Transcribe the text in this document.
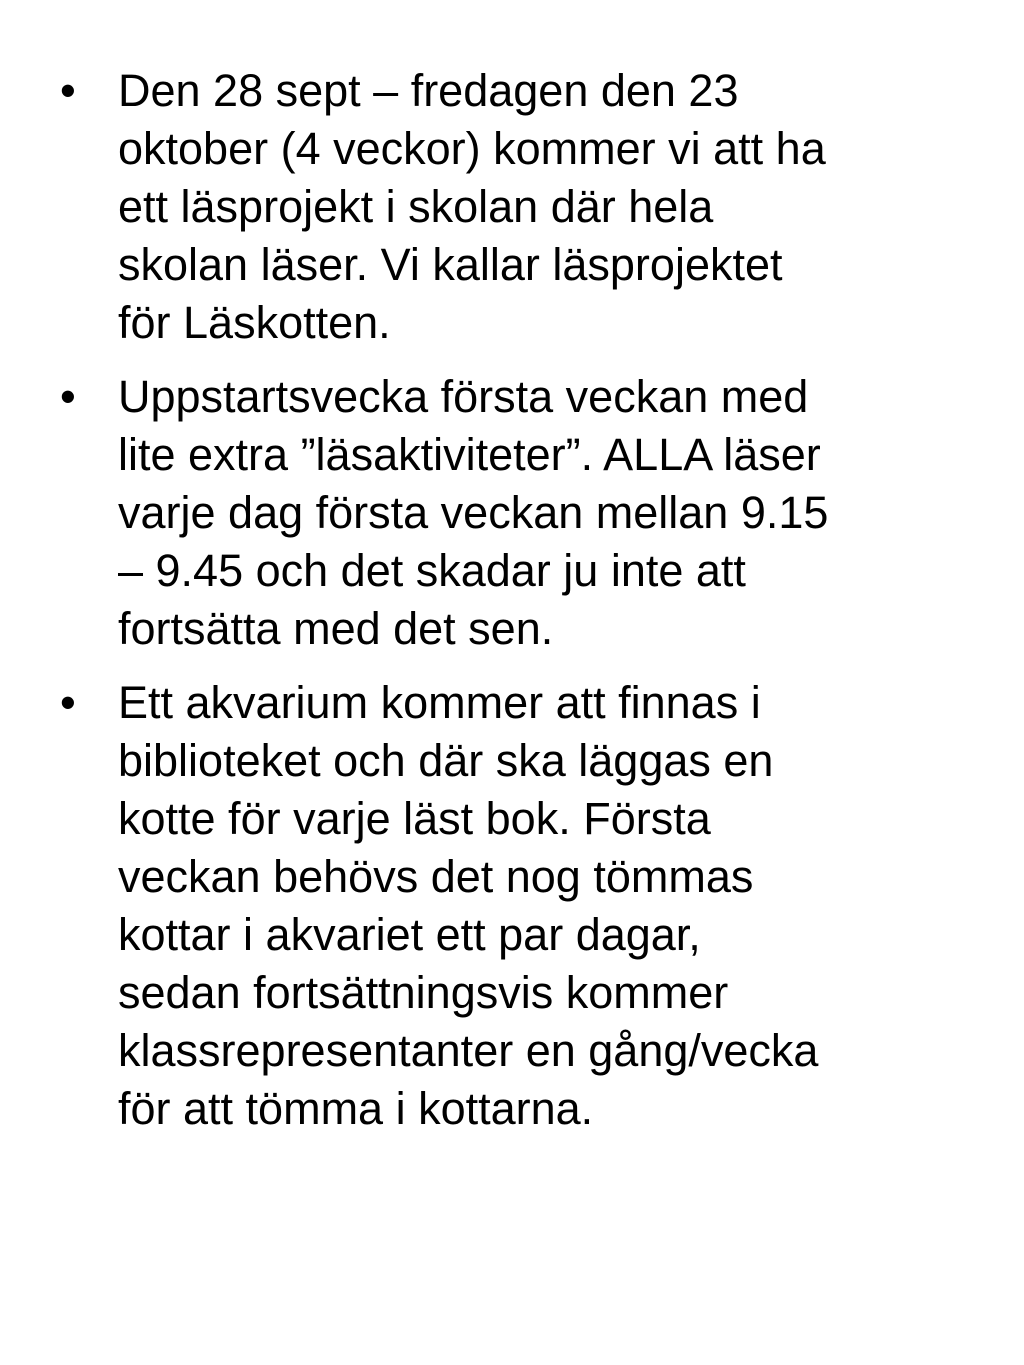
• Den 28 sept – fredagen den 23
oktober (4 veckor) kommer vi att ha
ett läsprojekt i skolan där hela
skolan läser. Vi kallar läsprojektet
för Läskotten.
• Uppstartsvecka första veckan med
lite extra ”läsaktiviteter”. ALLA läser
varje dag första veckan mellan 9.15
– 9.45 och det skadar ju inte att
fortsätta med det sen.
• Ett akvarium kommer att finnas i
biblioteket och där ska läggas en
kotte för varje läst bok. Första
veckan behövs det nog tömmas
kottar i akvariet ett par dagar,
sedan fortsättningsvis kommer
klassrepresentanter en gång/vecka
för att tömma i kottarna.
